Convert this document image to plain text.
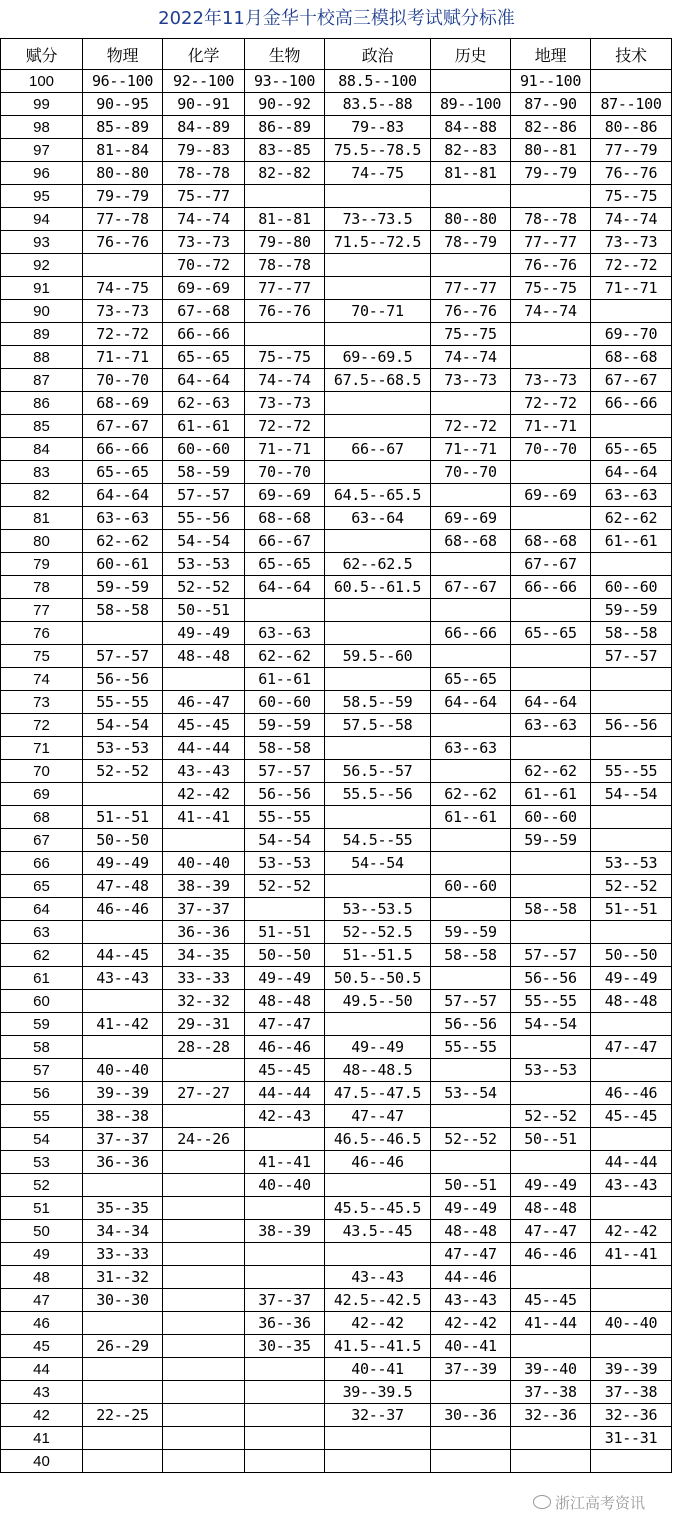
2022年11月金华十校高三模拟考试赋分标准
赋分	物理	化学	生物	政治	历史	地理	技术
100	96--100	92--100	93--100	88.5--100		91--100	
99	90--95	90--91	90--92	83.5--88	89--100	87--90	87--100
98	85--89	84--89	86--89	79--83	84--88	82--86	80--86
97	81--84	79--83	83--85	75.5--78.5	82--83	80--81	77--79
96	80--80	78--78	82--82	74--75	81--81	79--79	76--76
95	79--79	75--77					75--75
94	77--78	74--74	81--81	73--73.5	80--80	78--78	74--74
93	76--76	73--73	79--80	71.5--72.5	78--79	77--77	73--73
92		70--72	78--78			76--76	72--72
91	74--75	69--69	77--77		77--77	75--75	71--71
90	73--73	67--68	76--76	70--71	76--76	74--74	
89	72--72	66--66			75--75		69--70
88	71--71	65--65	75--75	69--69.5	74--74		68--68
87	70--70	64--64	74--74	67.5--68.5	73--73	73--73	67--67
86	68--69	62--63	73--73			72--72	66--66
85	67--67	61--61	72--72		72--72	71--71	
84	66--66	60--60	71--71	66--67	71--71	70--70	65--65
83	65--65	58--59	70--70		70--70		64--64
82	64--64	57--57	69--69	64.5--65.5		69--69	63--63
81	63--63	55--56	68--68	63--64	69--69		62--62
80	62--62	54--54	66--67		68--68	68--68	61--61
79	60--61	53--53	65--65	62--62.5		67--67	
78	59--59	52--52	64--64	60.5--61.5	67--67	66--66	60--60
77	58--58	50--51					59--59
76		49--49	63--63		66--66	65--65	58--58
75	57--57	48--48	62--62	59.5--60			57--57
74	56--56		61--61		65--65		
73	55--55	46--47	60--60	58.5--59	64--64	64--64	
72	54--54	45--45	59--59	57.5--58		63--63	56--56
71	53--53	44--44	58--58		63--63		
70	52--52	43--43	57--57	56.5--57		62--62	55--55
69		42--42	56--56	55.5--56	62--62	61--61	54--54
68	51--51	41--41	55--55		61--61	60--60	
67	50--50		54--54	54.5--55		59--59	
66	49--49	40--40	53--53	54--54			53--53
65	47--48	38--39	52--52		60--60		52--52
64	46--46	37--37		53--53.5		58--58	51--51
63		36--36	51--51	52--52.5	59--59		
62	44--45	34--35	50--50	51--51.5	58--58	57--57	50--50
61	43--43	33--33	49--49	50.5--50.5		56--56	49--49
60		32--32	48--48	49.5--50	57--57	55--55	48--48
59	41--42	29--31	47--47		56--56	54--54	
58		28--28	46--46	49--49	55--55		47--47
57	40--40		45--45	48--48.5		53--53	
56	39--39	27--27	44--44	47.5--47.5	53--54		46--46
55	38--38		42--43	47--47		52--52	45--45
54	37--37	24--26		46.5--46.5	52--52	50--51	
53	36--36		41--41	46--46			44--44
52			40--40		50--51	49--49	43--43
51	35--35			45.5--45.5	49--49	48--48	
50	34--34		38--39	43.5--45	48--48	47--47	42--42
49	33--33				47--47	46--46	41--41
48	31--32			43--43	44--46		
47	30--30		37--37	42.5--42.5	43--43	45--45	
46			36--36	42--42	42--42	41--44	40--40
45	26--29		30--35	41.5--41.5	40--41		
44				40--41	37--39	39--40	39--39
43				39--39.5		37--38	37--38
42	22--25			32--37	30--36	32--36	32--36
41							31--31
40							
浙江高考资讯
